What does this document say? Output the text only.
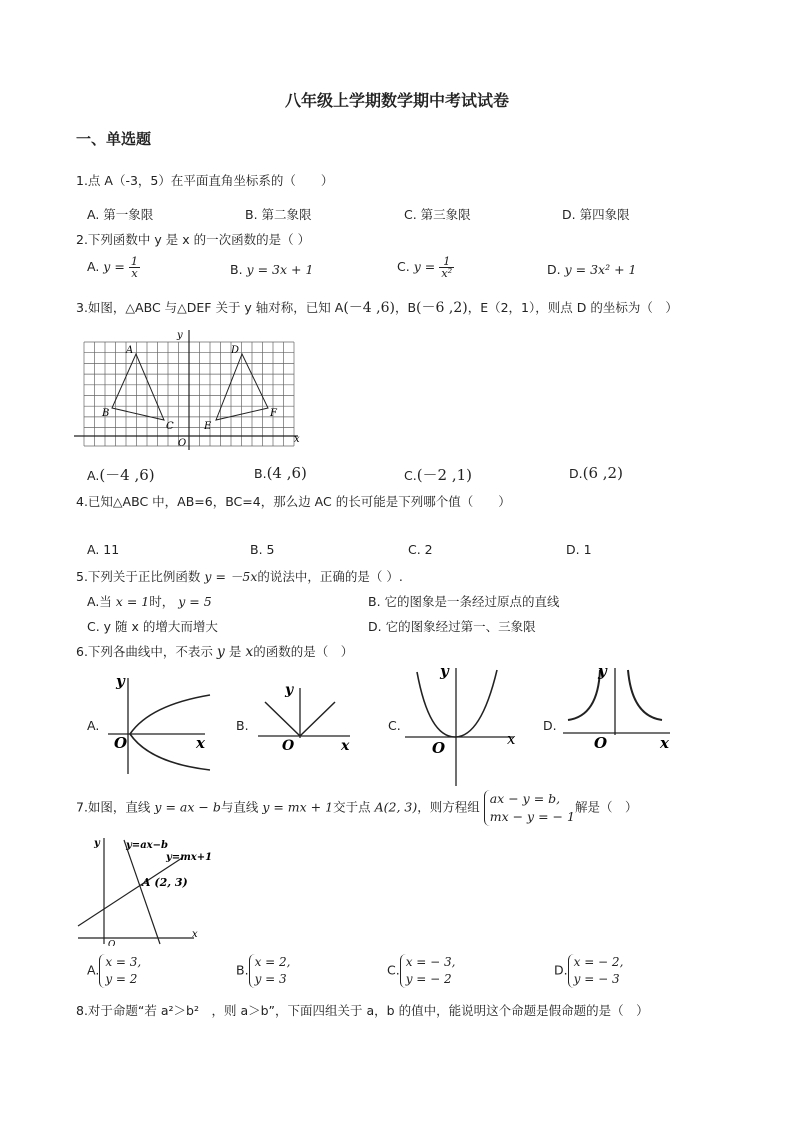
八年级上学期数学期中考试试卷
一、单选题
1.点 A（-3，5）在平面直角坐标系的（　　）
A. 第一象限	B. 第二象限	C. 第三象限	D. 第四象限
2.下列函数中 y 是 x 的一次函数的是（ ）
A. $y = \frac{1}{x}$	B. y = 3x + 1	C. $y = \frac{1}{\text{x²}}$	D. y = 3x² + 1
3.如图，△ABC 与△DEF 关于 y 轴对称，已知 A(－4 ,6)，B(－6 ,2)，E（2，1），则点 D 的坐标为（　）
A
B
C
D
E
F
O	x
y
A.(－4 ,6)	B.(4 ,6)	C.(－2 ,1)	D.(6 ,2)
4.已知△ABC 中，AB=6，BC=4，那么边 AC 的长可能是下列哪个值（　　）
A. 11	B. 5	C. 2	D. 1
5.下列关于正比例函数 y = －5x的说法中，正确的是（ ）.
A.当 x = 1时， y = 5	B. 它的图象是一条经过原点的直线
C. y 随 x 的增大而增大	D. 它的图象经过第一、三象限
6.下列各曲线中，不表示 y 是 x的函数的是（　）
A.
y
O	x
B.
y
O	x
C.
y
O	x
D.
y
O	x
7.如图，直线 y = ax − b与直线 y = mx + 1交于点 A(2, 3)，则方程组
ax − y = b,
mx − y = − 1
解是（　）
y	y=ax−b
y=mx+1
A (2, 3)
x
O
A.
x = 3,
y = 2
B.
x = 2,
y = 3
C.
x = − 3,
y = − 2
D.
x = − 2,
y = − 3
8.对于命题“若 a²＞b²　，则 a＞b”，下面四组关于 a，b 的值中，能说明这个命题是假命题的是（　）
